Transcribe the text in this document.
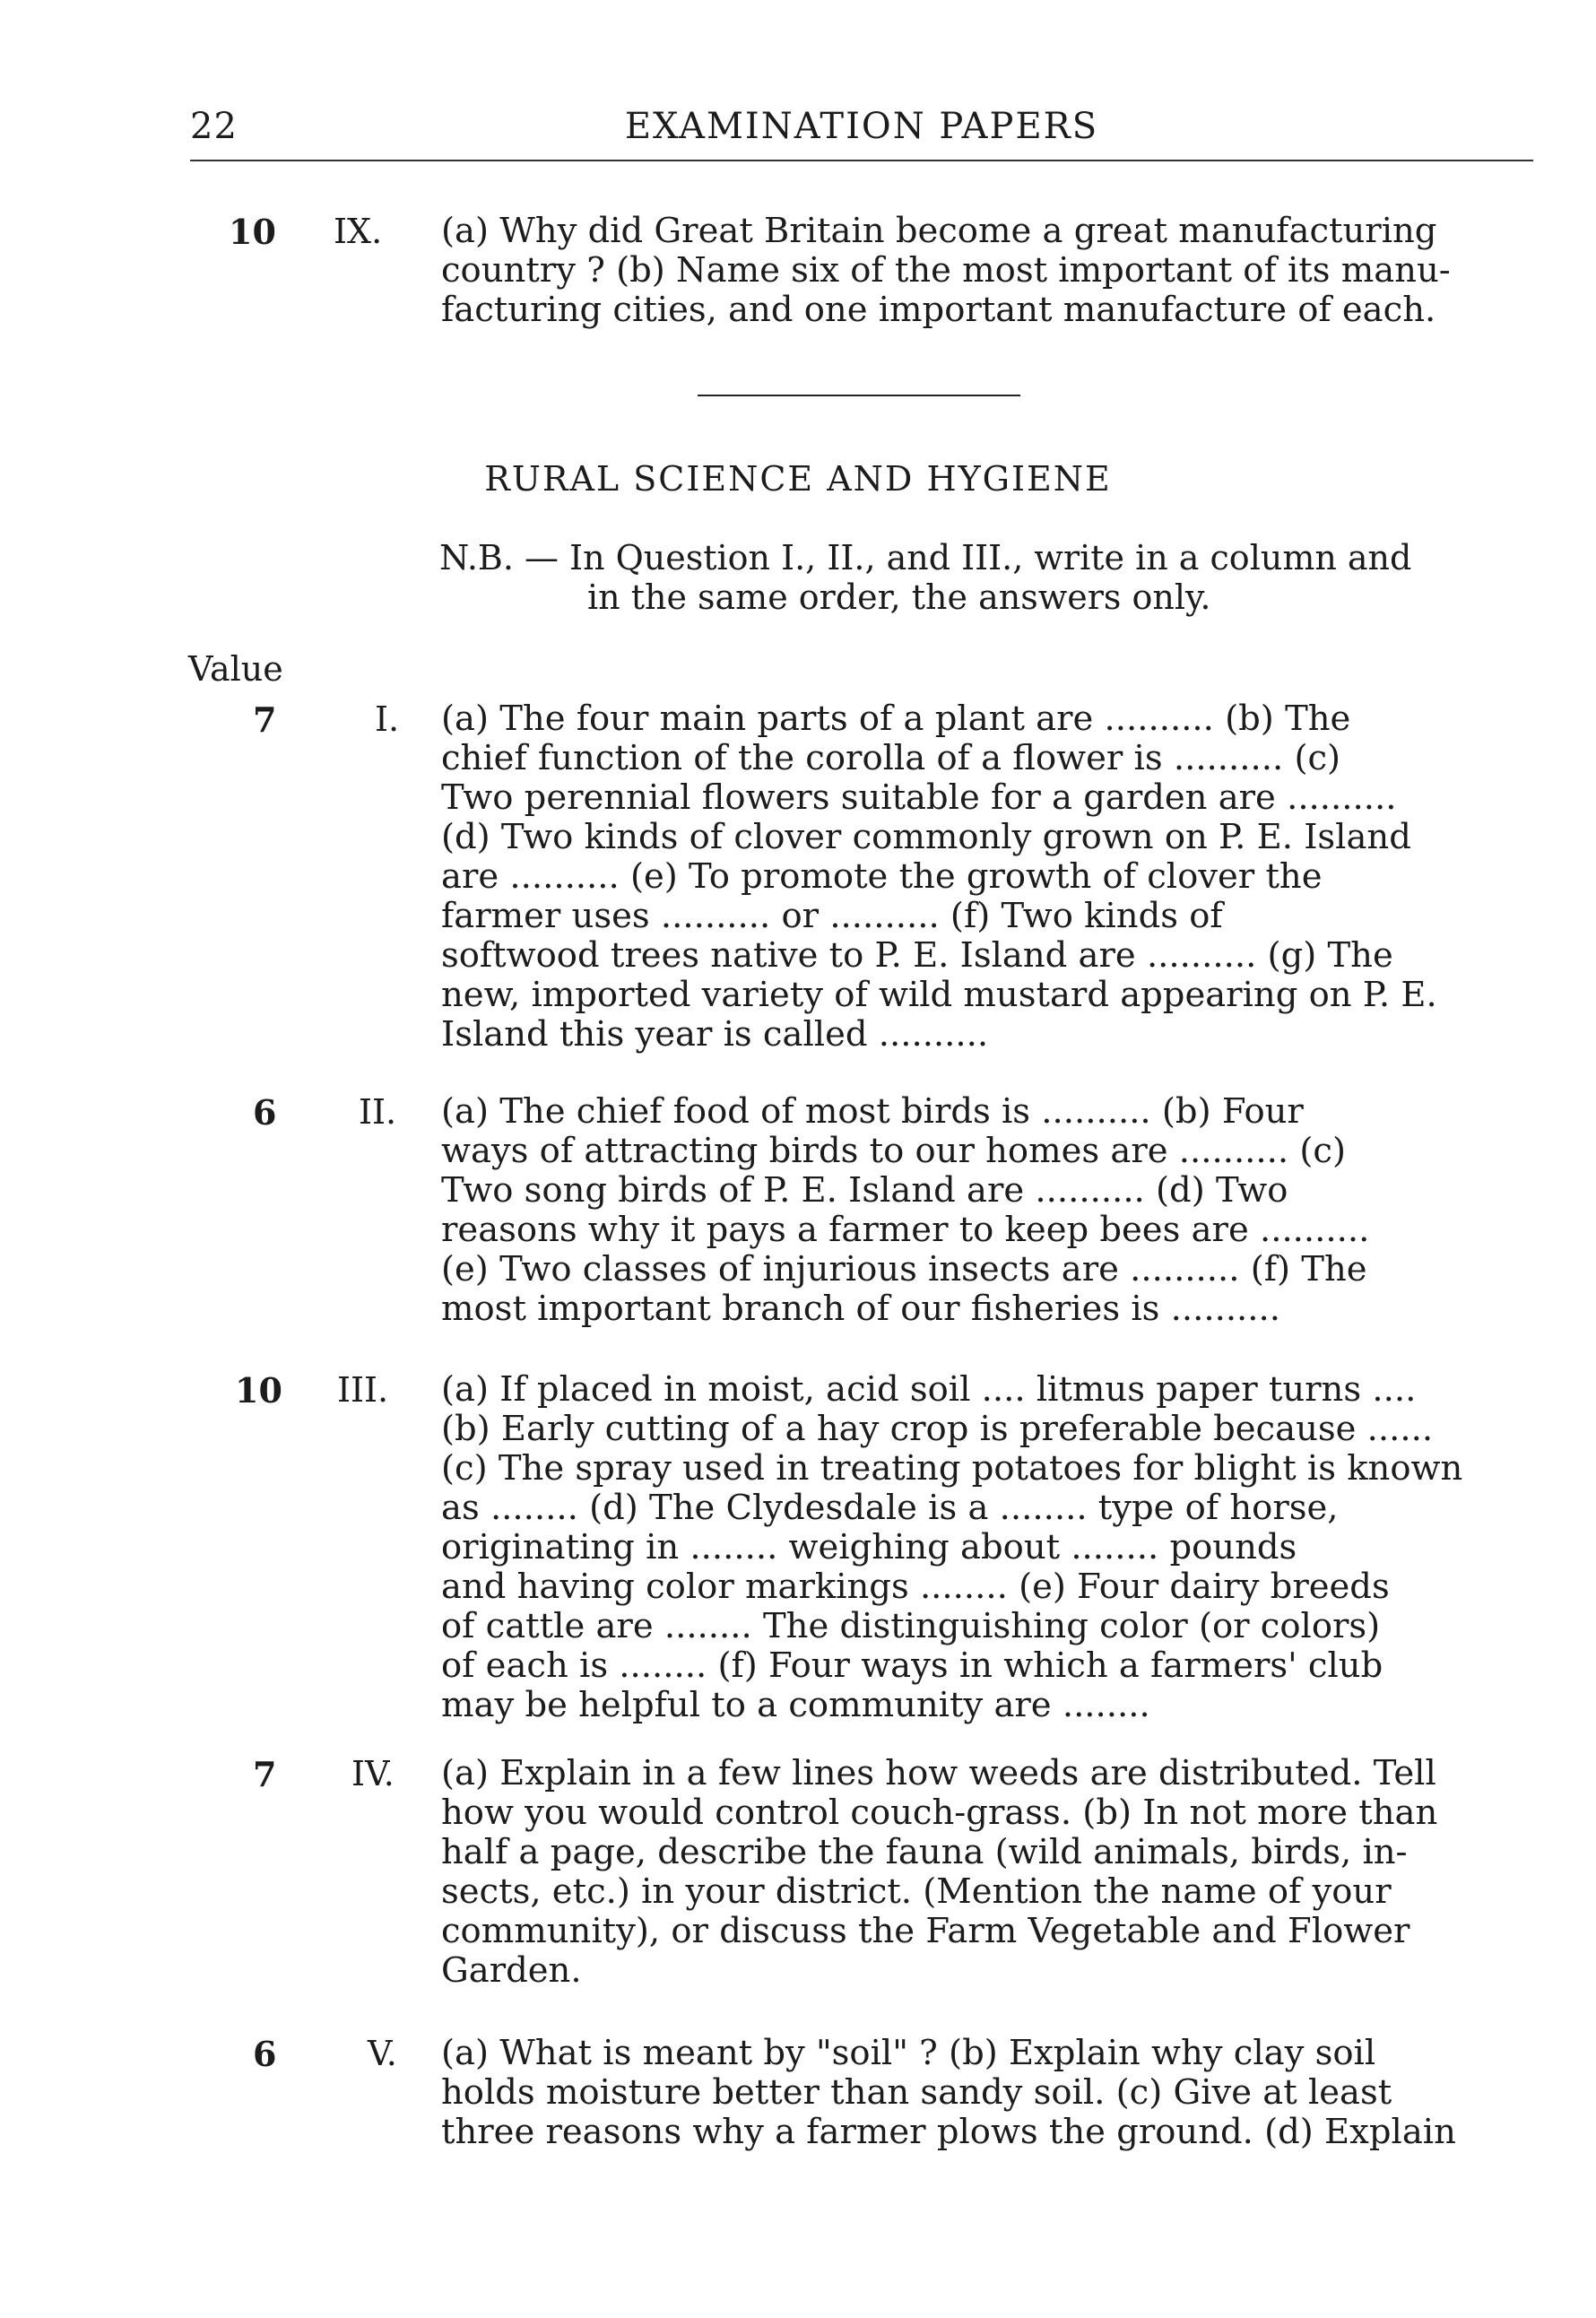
22	EXAMINATION PAPERS
10 IX. (a) Why did Great Britain become a great manufacturing
country ? (b) Name six of the most important of its manu-
facturing cities, and one important manufacture of each.
RURAL SCIENCE AND HYGIENE
N.B. — In Question I., II., and III., write in a column and
in the same order, the answers only.
Value
7	I. (a) The four main parts of a plant are .......... (b) The
chief function of the corolla of a flower is .......... (c)
Two perennial flowers suitable for a garden are ..........
(d) Two kinds of clover commonly grown on P. E. Island
are .......... (e) To promote the growth of clover the
farmer uses .......... or .......... (f) Two kinds of
softwood trees native to P. E. Island are .......... (g) The
new, imported variety of wild mustard appearing on P. E.
Island this year is called ..........
6 II. (a) The chief food of most birds is .......... (b) Four
ways of attracting birds to our homes are .......... (c)
Two song birds of P. E. Island are .......... (d) Two
reasons why it pays a farmer to keep bees are ..........
(e) Two classes of injurious insects are .......... (f) The
most important branch of our fisheries is ..........
10 III. (a) If placed in moist, acid soil .... litmus paper turns ....
(b) Early cutting of a hay crop is preferable because ......
(c) The spray used in treating potatoes for blight is known
as ........ (d) The Clydesdale is a ........ type of horse,
originating in ........ weighing about ........ pounds
and having color markings ........ (e) Four dairy breeds
of cattle are ........ The distinguishing color (or colors)
of each is ........ (f) Four ways in which a farmers' club
may be helpful to a community are ........
7 IV. (a) Explain in a few lines how weeds are distributed. Tell
how you would control couch-grass. (b) In not more than
half a page, describe the fauna (wild animals, birds, in-
sects, etc.) in your district. (Mention the name of your
community), or discuss the Farm Vegetable and Flower
Garden.
6	V. (a) What is meant by "soil" ? (b) Explain why clay soil
holds moisture better than sandy soil. (c) Give at least
three reasons why a farmer plows the ground. (d) Explain
